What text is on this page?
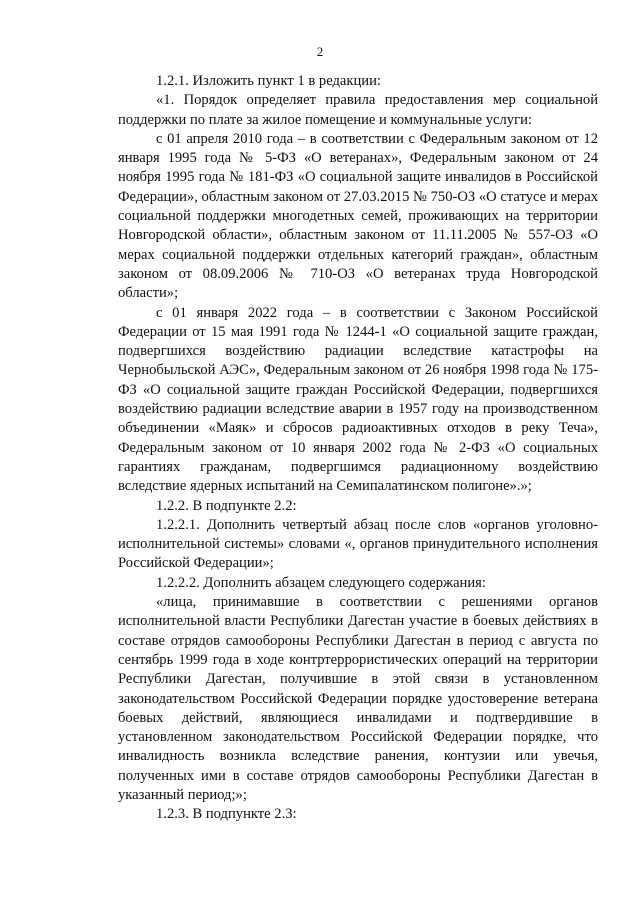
2

1.2.1. Изложить пункт 1 в редакции:

«1. Порядок определяет правила предоставления мер социальной поддержки по плате за жилое помещение и коммунальные услуги:

с 01 апреля 2010 года – в соответствии с Федеральным законом от 12 января 1995 года № 5-ФЗ «О ветеранах», Федеральным законом от 24 ноября 1995 года № 181-ФЗ «О социальной защите инвалидов в Российской Федерации», областным законом от 27.03.2015 № 750-ОЗ «О статусе и мерах социальной поддержки многодетных семей, проживающих на территории Новгородской области», областным законом от 11.11.2005 № 557-ОЗ «О мерах социальной поддержки отдельных категорий граждан», областным законом от 08.09.2006 № 710-ОЗ «О ветеранах труда Новгородской области»;

с 01 января 2022 года – в соответствии с Законом Российской Федерации от 15 мая 1991 года № 1244-1 «О социальной защите граждан, подвергшихся воздействию радиации вследствие катастрофы на Чернобыльской АЭС», Федеральным законом от 26 ноября 1998 года № 175-ФЗ «О социальной защите граждан Российской Федерации, подвергшихся воздействию радиации вследствие аварии в 1957 году на производственном объединении «Маяк» и сбросов радиоактивных отходов в реку Теча», Федеральным законом от 10 января 2002 года № 2-ФЗ «О социальных гарантиях гражданам, подвергшимся радиационному воздействию вследствие ядерных испытаний на Семипалатинском полигоне».»;

1.2.2. В подпункте 2.2:

1.2.2.1. Дополнить четвертый абзац после слов «органов уголовно-исполнительной системы» словами «, органов принудительного исполнения Российской Федерации»;

1.2.2.2. Дополнить абзацем следующего содержания:

«лица, принимавшие в соответствии с решениями органов исполнительной власти Республики Дагестан участие в боевых действиях в составе отрядов самообороны Республики Дагестан в период с августа по сентябрь 1999 года в ходе контртеррористических операций на территории Республики Дагестан, получившие в этой связи в установленном законодательством Российской Федерации порядке удостоверение ветерана боевых действий, являющиеся инвалидами и подтвердившие в установленном законодательством Российской Федерации порядке, что инвалидность возникла вследствие ранения, контузии или увечья, полученных ими в составе отрядов самообороны Республики Дагестан в указанный период;»;

1.2.3. В подпункте 2.3:
